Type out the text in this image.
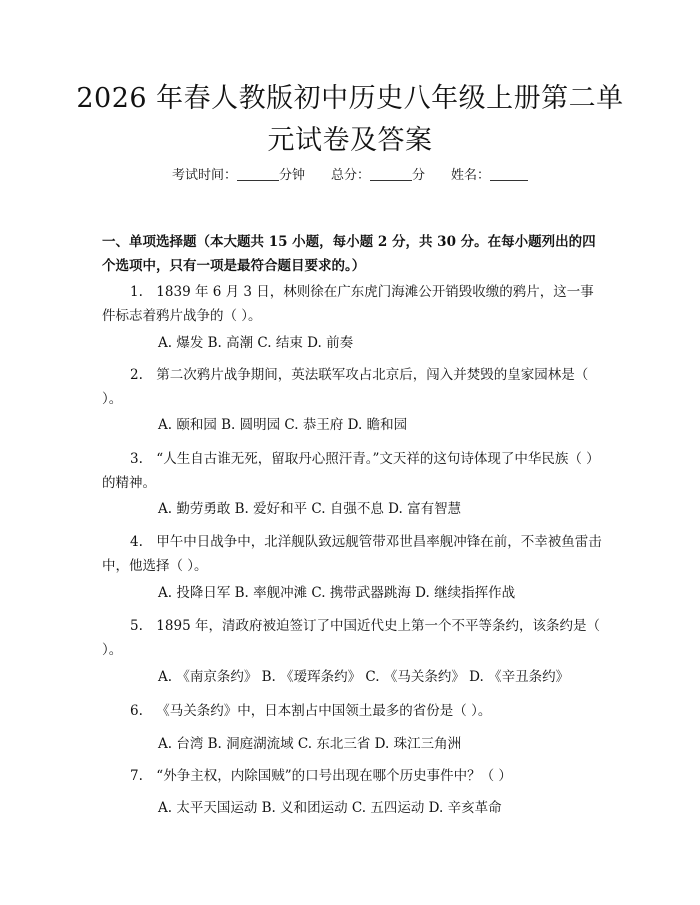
2026 年春人教版初中历史八年级上册第二单
元试卷及答案
考试时间：	分钟 总分：	分 姓名：
一、单项选择题（本大题共 15 小题，每小题 2 分，共 30 分。在每小题列出的四个选项中，只有一项是最符合题目要求的。）
1. 1839 年 6 月 3 日，林则徐在广东虎门海滩公开销毁收缴的鸦片，这一事件标志着鸦片战争的（ ）。
A. 爆发 B. 高潮 C. 结束 D. 前奏
2. 第二次鸦片战争期间，英法联军攻占北京后，闯入并焚毁的皇家园林是（ ）。
A. 颐和园 B. 圆明园 C. 恭王府 D. 瞻和园
3. “人生自古谁无死，留取丹心照汗青。”文天祥的这句诗体现了中华民族（ ）的精神。
A. 勤劳勇敢 B. 爱好和平 C. 自强不息 D. 富有智慧
4. 甲午中日战争中，北洋舰队致远舰管带邓世昌率舰冲锋在前，不幸被鱼雷击中，他选择（ ）。
A. 投降日军 B. 率舰冲滩 C. 携带武器跳海 D. 继续指挥作战
5. 1895 年，清政府被迫签订了中国近代史上第一个不平等条约，该条约是（ ）。
A. 《南京条约》 B. 《瑷珲条约》 C. 《马关条约》 D. 《辛丑条约》
6. 《马关条约》中，日本割占中国领土最多的省份是（ ）。
A. 台湾 B. 洞庭湖流域 C. 东北三省 D. 珠江三角洲
7. “外争主权，内除国贼”的口号出现在哪个历史事件中？（ ）
A. 太平天国运动 B. 义和团运动 C. 五四运动 D. 辛亥革命
